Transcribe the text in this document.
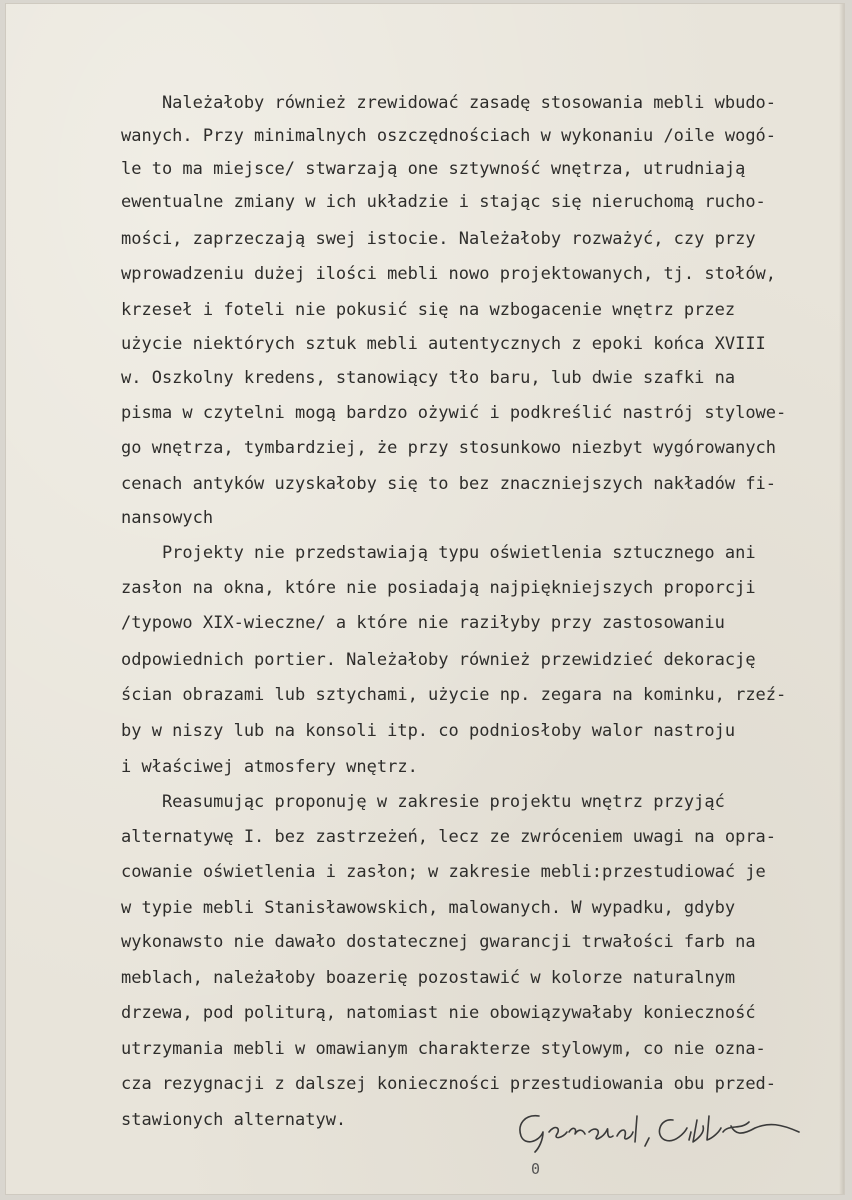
Należałoby również zrewidować zasadę stosowania mebli wbudo-
wanych. Przy minimalnych oszczędnościach w wykonaniu /oile wogó-
le to ma miejsce/ stwarzają one sztywność wnętrza, utrudniają
ewentualne zmiany w ich układzie i stając się nieruchomą rucho-
mości, zaprzeczają swej istocie. Należałoby rozważyć, czy przy
wprowadzeniu dużej ilości mebli nowo projektowanych, tj. stołów,
krzeseł i foteli nie pokusić się na wzbogacenie wnętrz przez
użycie niektórych sztuk mebli autentycznych z epoki końca XVIII
w. Oszkolny kredens, stanowiący tło baru, lub dwie szafki na
pisma w czytelni mogą bardzo ożywić i podkreślić nastrój stylowe-
go wnętrza, tymbardziej, że przy stosunkowo niezbyt wygórowanych
cenach antyków uzyskałoby się to bez znaczniejszych nakładów fi-
nansowych
Projekty nie przedstawiają typu oświetlenia sztucznego ani
zasłon na okna, które nie posiadają najpiękniejszych proporcji
/typowo XIX-wieczne/ a które nie raziłyby przy zastosowaniu
odpowiednich portier. Należałoby również przewidzieć dekorację
ścian obrazami lub sztychami, użycie np. zegara na kominku, rzeź-
by w niszy lub na konsoli itp. co podniosłoby walor nastroju
i właściwej atmosfery wnętrz.
Reasumując proponuję w zakresie projektu wnętrz przyjąć
alternatywę I. bez zastrzeżeń, lecz ze zwróceniem uwagi na opra-
cowanie oświetlenia i zasłon; w zakresie mebli:przestudiować je
w typie mebli Stanisławowskich, malowanych. W wypadku, gdyby
wykonawsto nie dawało dostatecznej gwarancji trwałości farb na
meblach, należałoby boazerię pozostawić w kolorze naturalnym
drzewa, pod politurą, natomiast nie obowiązywałaby konieczność
utrzymania mebli w omawianym charakterze stylowym, co nie ozna-
cza rezygnacji z dalszej konieczności przestudiowania obu przed-
stawionych alternatyw.
0
